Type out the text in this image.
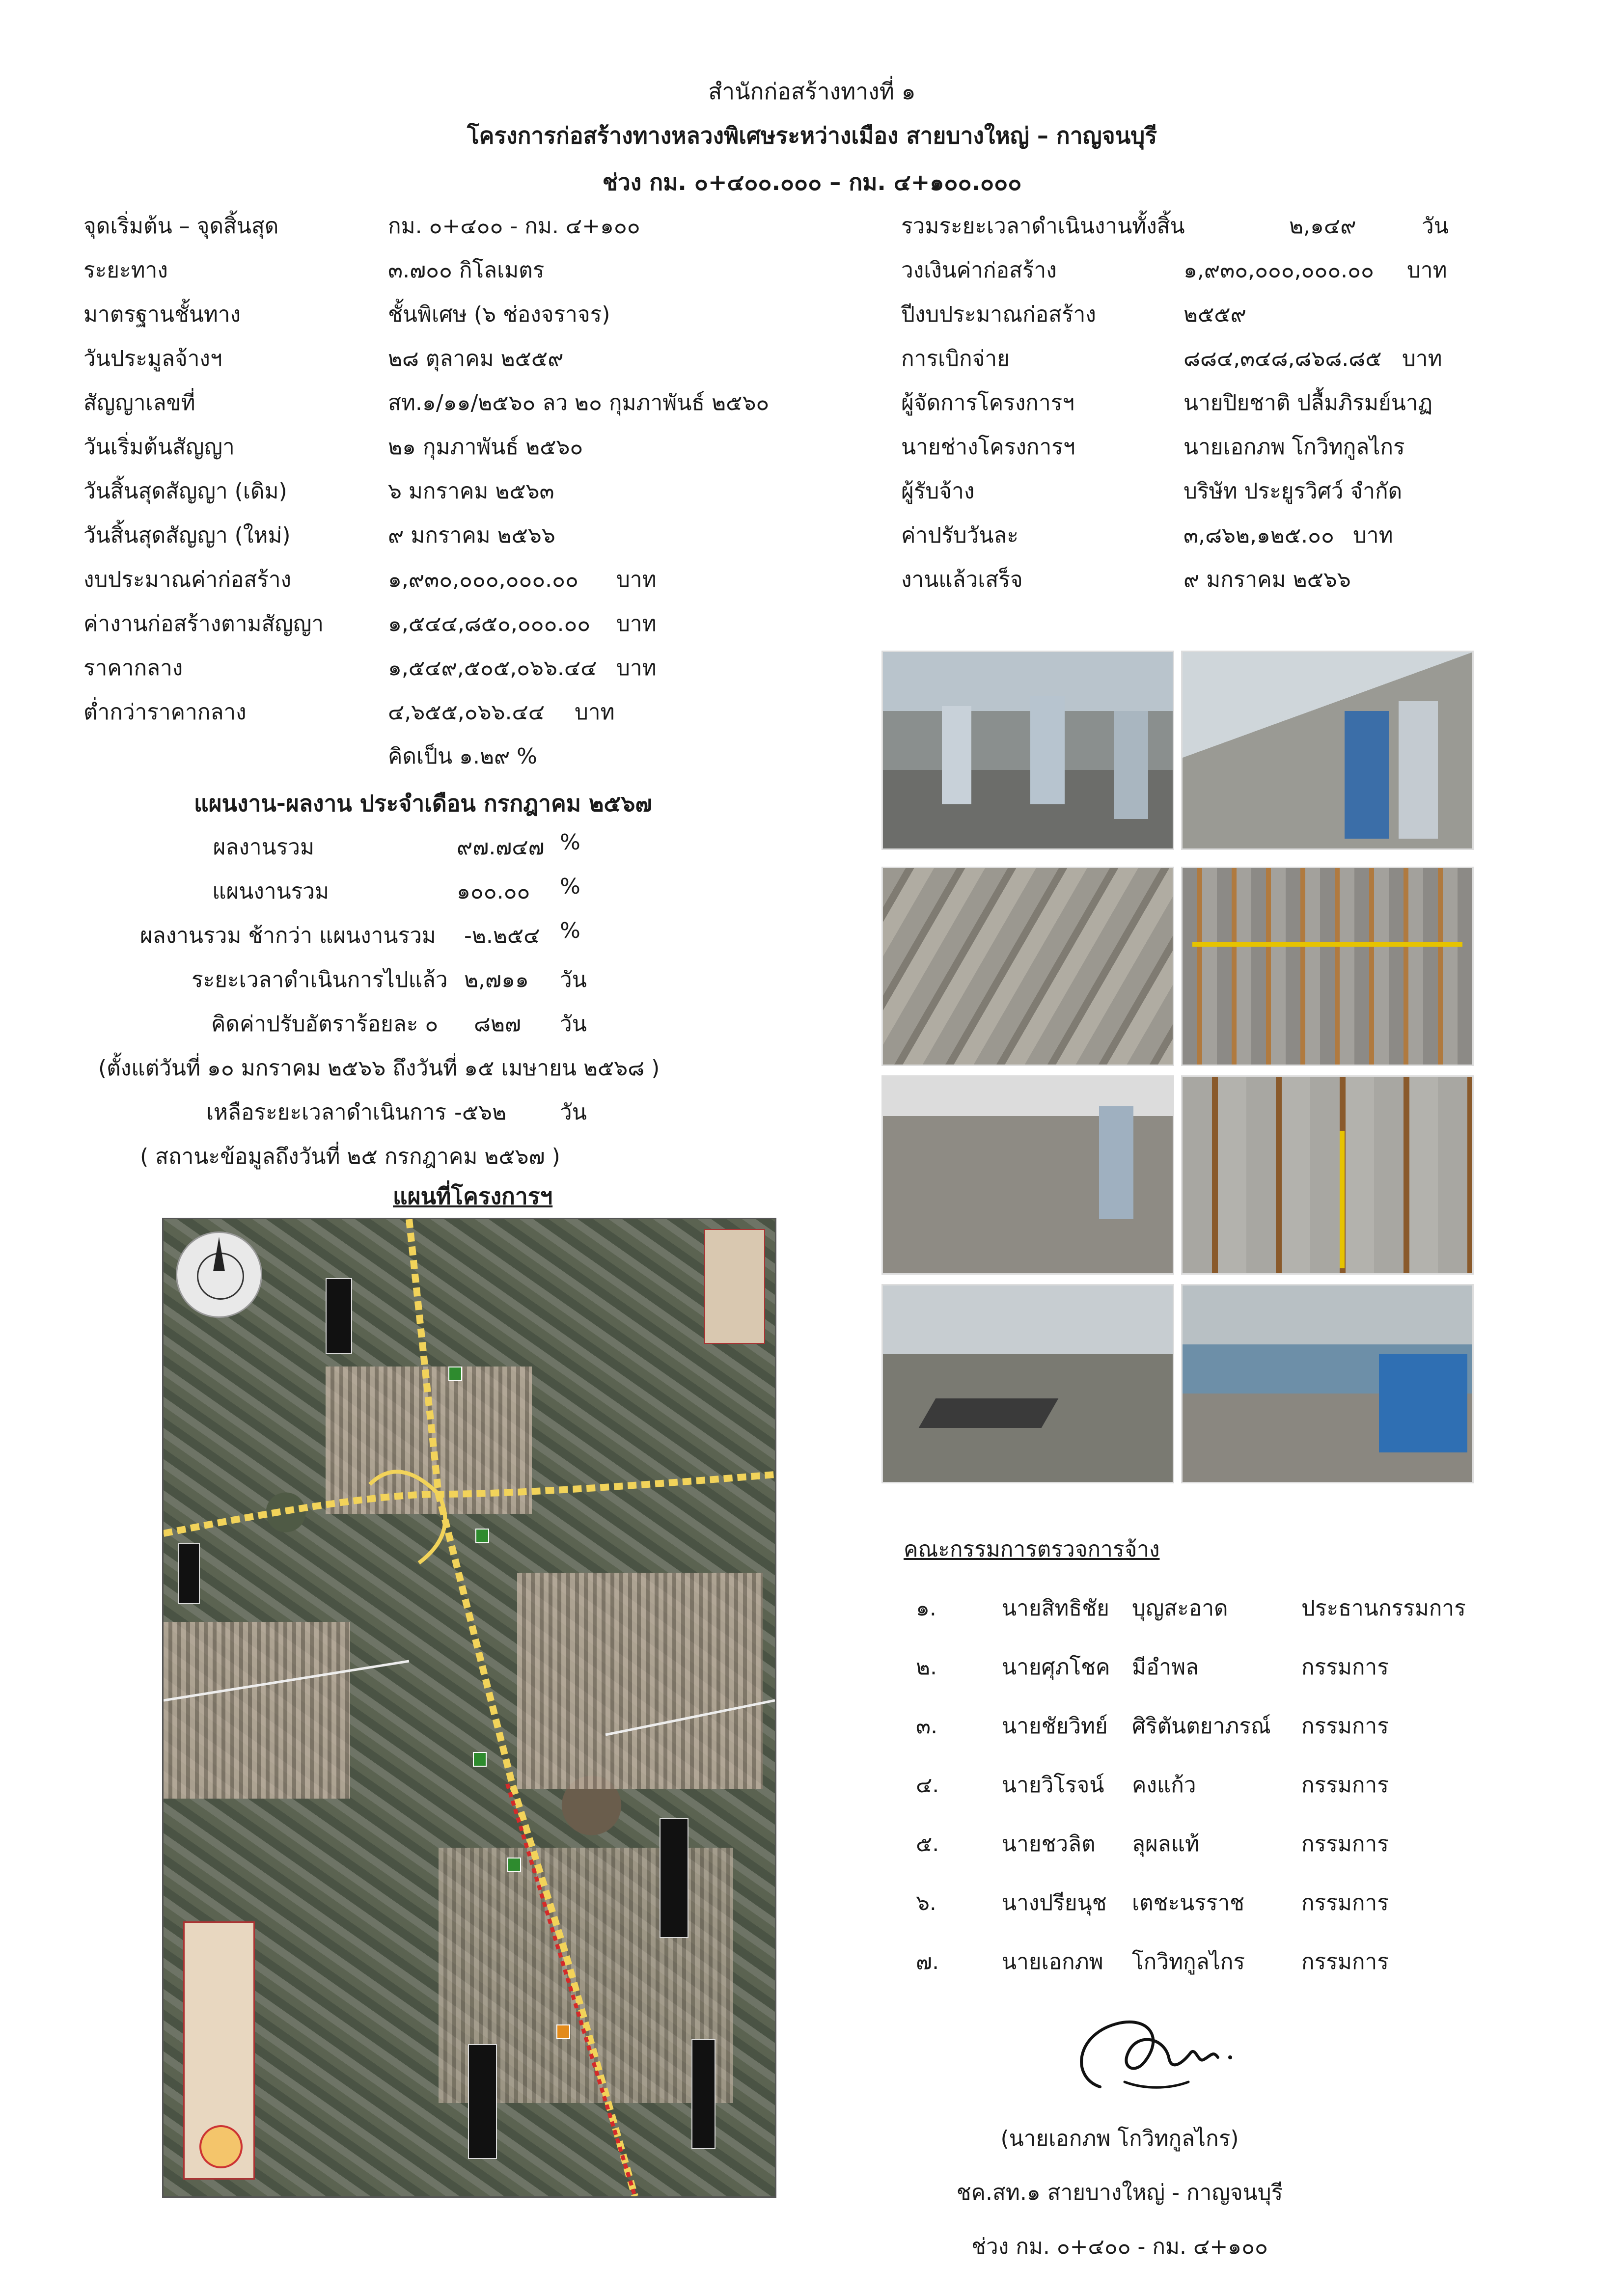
สำนักก่อสร้างทางที่ ๑
โครงการก่อสร้างทางหลวงพิเศษระหว่างเมือง สายบางใหญ่ – กาญจนบุรี
ช่วง กม. ๐+๔๐๐.๐๐๐ – กม. ๔+๑๐๐.๐๐๐
จุดเริ่มต้น – จุดสิ้นสุด	กม. ๐+๔๐๐ - กม. ๔+๑๐๐
ระยะทาง	๓.๗๐๐ กิโลเมตร
มาตรฐานชั้นทาง	ชั้นพิเศษ (๖ ช่องจราจร)
วันประมูลจ้างฯ	๒๘ ตุลาคม ๒๕๕๙
สัญญาเลขที่	สท.๑/๑๑/๒๕๖๐ ลว ๒๐ กุมภาพันธ์ ๒๕๖๐
วันเริ่มต้นสัญญา	๒๑ กุมภาพันธ์ ๒๕๖๐
วันสิ้นสุดสัญญา (เดิม)	๖ มกราคม ๒๕๖๓
วันสิ้นสุดสัญญา (ใหม่)	๙ มกราคม ๒๕๖๖
งบประมาณค่าก่อสร้าง	๑,๙๓๐,๐๐๐,๐๐๐.๐๐ บาท
ค่างานก่อสร้างตามสัญญา	๑,๕๔๔,๘๕๐,๐๐๐.๐๐ บาท
ราคากลาง	๑,๕๔๙,๕๐๕,๐๖๖.๔๔ บาท
ต่ำกว่าราคากลาง	๔,๖๕๕,๐๖๖.๔๔ บาท
คิดเป็น ๑.๒๙ %
รวมระยะเวลาดำเนินงานทั้งสิ้น	๒,๑๔๙	วัน
วงเงินค่าก่อสร้าง	๑,๙๓๐,๐๐๐,๐๐๐.๐๐ บาท
ปีงบประมาณก่อสร้าง	๒๕๕๙
การเบิกจ่าย	๘๘๔,๓๔๘,๘๖๘.๘๕ บาท
ผู้จัดการโครงการฯ	นายปิยชาติ ปลื้มภิรมย์นาฏ
นายช่างโครงการฯ	นายเอกภพ โกวิทกูลไกร
ผู้รับจ้าง	บริษัท ประยูรวิศว์ จำกัด
ค่าปรับวันละ	๓,๘๖๒,๑๒๕.๐๐ บาท
งานแล้วเสร็จ	๙ มกราคม ๒๕๖๖
แผนงาน-ผลงาน ประจำเดือน กรกฎาคม ๒๕๖๗
ผลงานรวม	๙๗.๗๔๗ %
แผนงานรวม	๑๐๐.๐๐ %
ผลงานรวม ช้ากว่า แผนงานรวม -๒.๒๕๔ %
ระยะเวลาดำเนินการไปแล้ว ๒,๗๑๑ วัน
คิดค่าปรับอัตราร้อยละ ๐ ๘๒๗ วัน
(ตั้งแต่วันที่ ๑๐ มกราคม ๒๕๖๖ ถึงวันที่ ๑๕ เมษายน ๒๕๖๘ )
เหลือระยะเวลาดำเนินการ -๕๖๒ วัน
( สถานะข้อมูลถึงวันที่ ๒๕ กรกฎาคม ๒๕๖๗ )
แผนที่โครงการฯ
คณะกรรมการตรวจการจ้าง
๑.	นายสิทธิชัย บุญสะอาด	ประธานกรรมการ
๒.	นายศุภโชค มีอำพล	กรรมการ
๓.	นายชัยวิทย์ ศิริตันตยาภรณ์ กรรมการ
๔.	นายวิโรจน์ คงแก้ว	กรรมการ
๕.	นายชวลิต ลุผลแท้	กรรมการ
๖.	นางปรียนุช เตชะนรราช	กรรมการ
๗.	นายเอกภพ โกวิทกูลไกร	กรรมการ
(นายเอกภพ โกวิทกูลไกร)
ชค.สท.๑ สายบางใหญ่ - กาญจนบุรี
ช่วง กม. ๐+๔๐๐ - กม. ๔+๑๐๐
